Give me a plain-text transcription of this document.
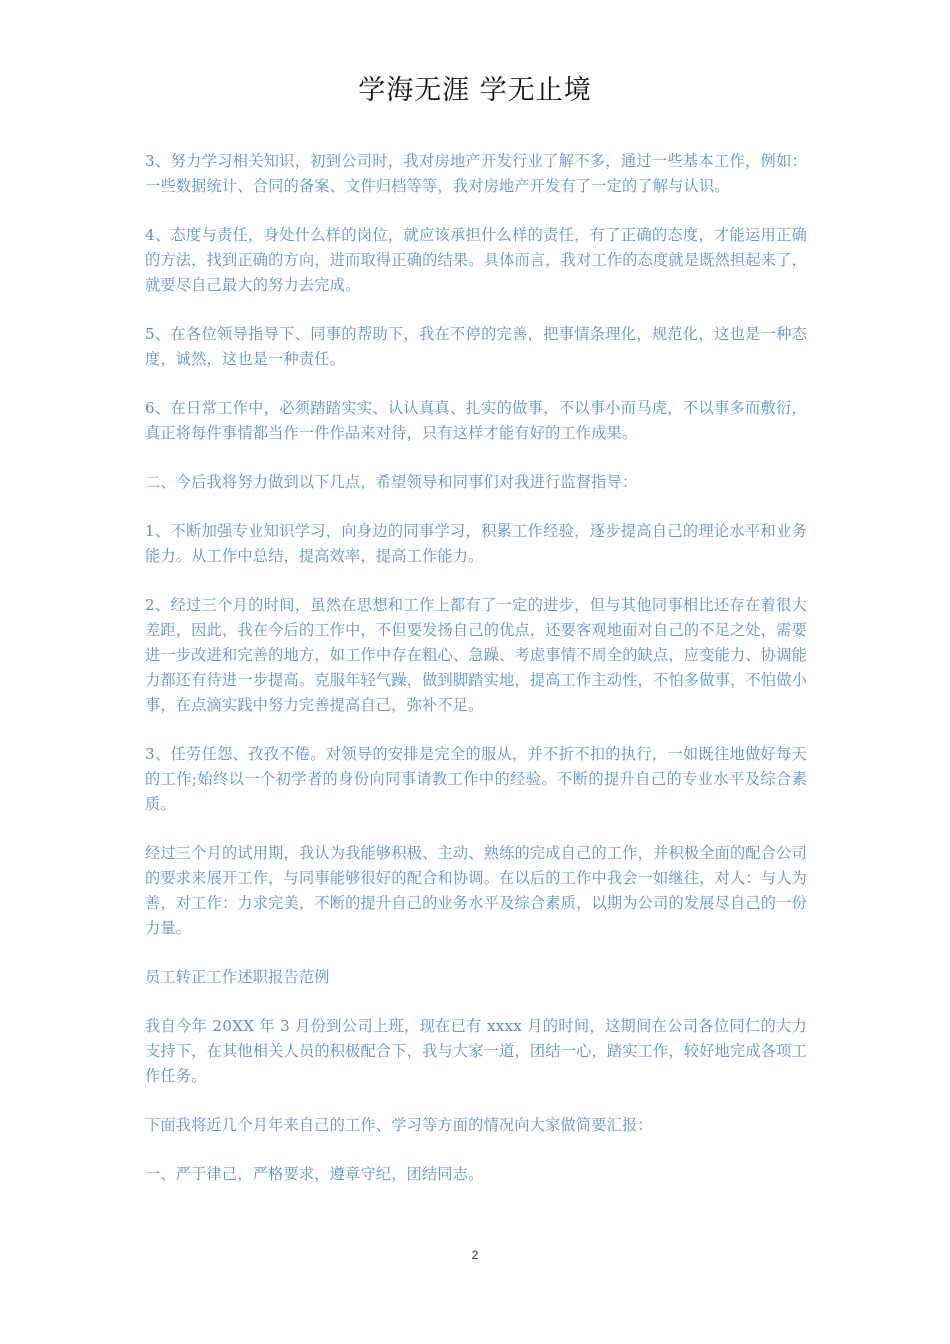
学海无涯 学无止境

3、努力学习相关知识，初到公司时，我对房地产开发行业了解不多，通过一些基本工作，例如：一些数据统计、合同的备案、文件归档等等，我对房地产开发有了一定的了解与认识。

4、态度与责任，身处什么样的岗位，就应该承担什么样的责任，有了正确的态度，才能运用正确的方法，找到正确的方向，进而取得正确的结果。具体而言，我对工作的态度就是既然担起来了，就要尽自己最大的努力去完成。

5、在各位领导指导下、同事的帮助下，我在不停的完善，把事情条理化，规范化，这也是一种态度，诚然，这也是一种责任。

6、在日常工作中，必须踏踏实实、认认真真、扎实的做事，不以事小而马虎，不以事多而敷衍，真正将每件事情都当作一件作品来对待，只有这样才能有好的工作成果。

二、今后我将努力做到以下几点，希望领导和同事们对我进行监督指导：

1、不断加强专业知识学习，向身边的同事学习，积累工作经验，逐步提高自己的理论水平和业务能力。从工作中总结，提高效率，提高工作能力。

2、经过三个月的时间，虽然在思想和工作上都有了一定的进步，但与其他同事相比还存在着很大差距，因此，我在今后的工作中，不但要发扬自己的优点，还要客观地面对自己的不足之处，需要进一步改进和完善的地方，如工作中存在粗心、急躁、考虑事情不周全的缺点，应变能力、协调能力都还有待进一步提高。克服年轻气躁，做到脚踏实地，提高工作主动性，不怕多做事，不怕做小事，在点滴实践中努力完善提高自己，弥补不足。

3、任劳任怨、孜孜不倦。对领导的安排是完全的服从，并不折不扣的执行，一如既往地做好每天的工作;始终以一个初学者的身份向同事请教工作中的经验。不断的提升自己的专业水平及综合素质。

经过三个月的试用期，我认为我能够积极、主动、熟练的完成自己的工作，并积极全面的配合公司的要求来展开工作，与同事能够很好的配合和协调。在以后的工作中我会一如继往，对人：与人为善，对工作：力求完美，不断的提升自己的业务水平及综合素质，以期为公司的发展尽自己的一份力量。

员工转正工作述职报告范例

我自今年 20XX 年 3 月份到公司上班，现在已有 xxxx 月的时间，这期间在公司各位同仁的大力支持下，在其他相关人员的积极配合下，我与大家一道，团结一心，踏实工作，较好地完成各项工作任务。

下面我将近几个月年来自己的工作、学习等方面的情况向大家做简要汇报：

一、严于律己，严格要求，遵章守纪，团结同志。

2
